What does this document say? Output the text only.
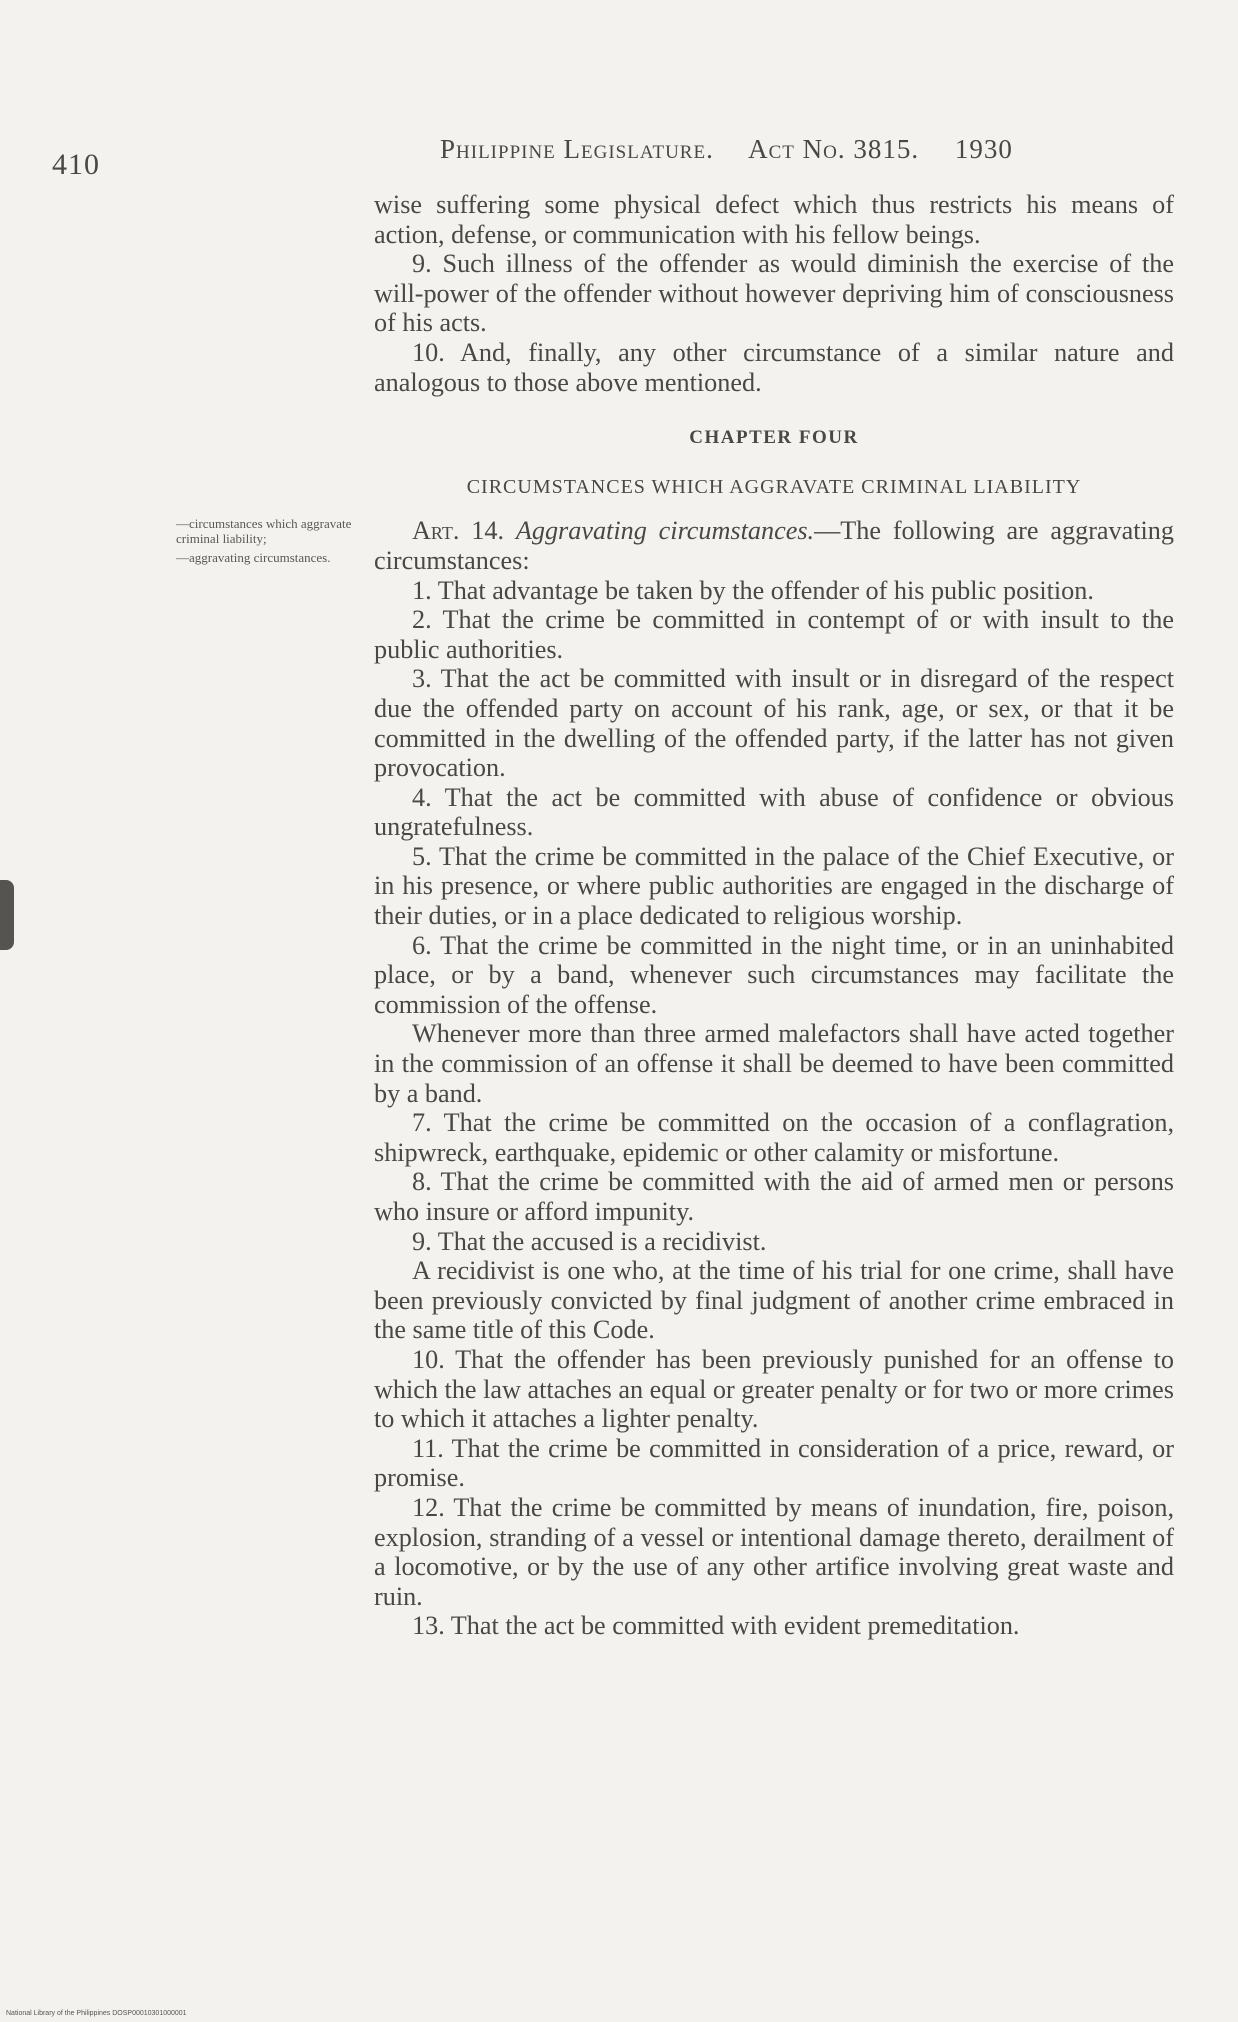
410	Philippine Legislature. Act No. 3815. 1930
—circumstances which aggravate criminal liability;
—aggravating circumstances.

wise suffering some physical defect which thus restricts his means of action, defense, or communication with his fellow beings.

9. Such illness of the offender as would diminish the exercise of the will-power of the offender without however depriving him of consciousness of his acts.

10. And, finally, any other circumstance of a similar nature and analogous to those above mentioned.

CHAPTER FOUR
CIRCUMSTANCES WHICH AGGRAVATE CRIMINAL LIABILITY

Art. 14. Aggravating circumstances.—The following are aggravating circumstances:

1. That advantage be taken by the offender of his public position.

2. That the crime be committed in contempt of or with insult to the public authorities.

3. That the act be committed with insult or in disregard of the respect due the offended party on account of his rank, age, or sex, or that it be committed in the dwelling of the offended party, if the latter has not given provocation.

4. That the act be committed with abuse of confidence or obvious ungratefulness.

5. That the crime be committed in the palace of the Chief Executive, or in his presence, or where public authorities are engaged in the discharge of their duties, or in a place dedicated to religious worship.

6. That the crime be committed in the night time, or in an uninhabited place, or by a band, whenever such circumstances may facilitate the commission of the offense.

Whenever more than three armed malefactors shall have acted together in the commission of an offense it shall be deemed to have been committed by a band.

7. That the crime be committed on the occasion of a conflagration, shipwreck, earthquake, epidemic or other calamity or misfortune.

8. That the crime be committed with the aid of armed men or persons who insure or afford impunity.

9. That the accused is a recidivist.

A recidivist is one who, at the time of his trial for one crime, shall have been previously convicted by final judgment of another crime embraced in the same title of this Code.

10. That the offender has been previously punished for an offense to which the law attaches an equal or greater penalty or for two or more crimes to which it attaches a lighter penalty.

11. That the crime be committed in consideration of a price, reward, or promise.

12. That the crime be committed by means of inundation, fire, poison, explosion, stranding of a vessel or intentional damage thereto, derailment of a locomotive, or by the use of any other artifice involving great waste and ruin.

13. That the act be committed with evident premeditation.

National Library of the Philippines DOSP00010301000001
